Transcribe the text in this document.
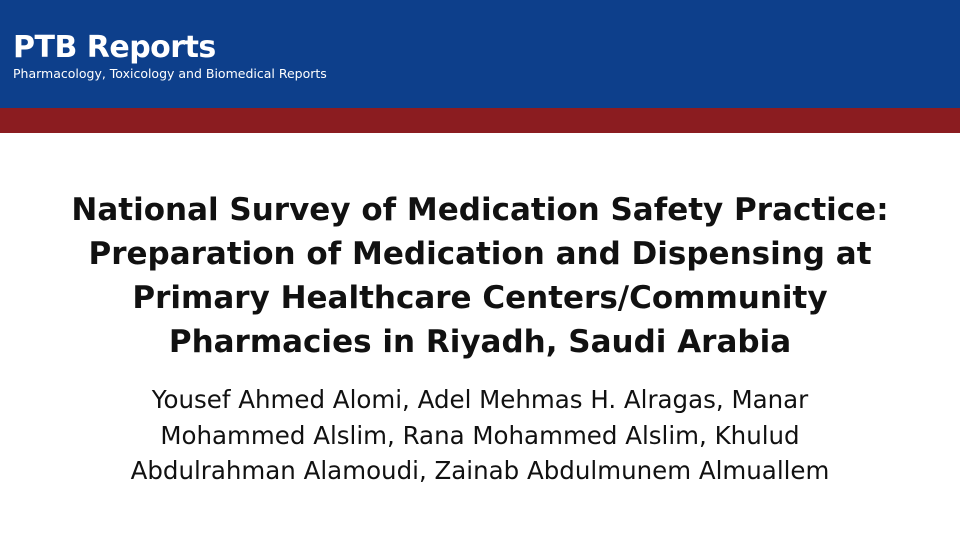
PTB Reports
Pharmacology, Toxicology and Biomedical Reports
National Survey of Medication Safety Practice:
Preparation of Medication and Dispensing at
Primary Healthcare Centers/Community
Pharmacies in Riyadh, Saudi Arabia
Yousef Ahmed Alomi, Adel Mehmas H. Alragas, Manar
Mohammed Alslim, Rana Mohammed Alslim, Khulud
Abdulrahman Alamoudi, Zainab Abdulmunem Almuallem
